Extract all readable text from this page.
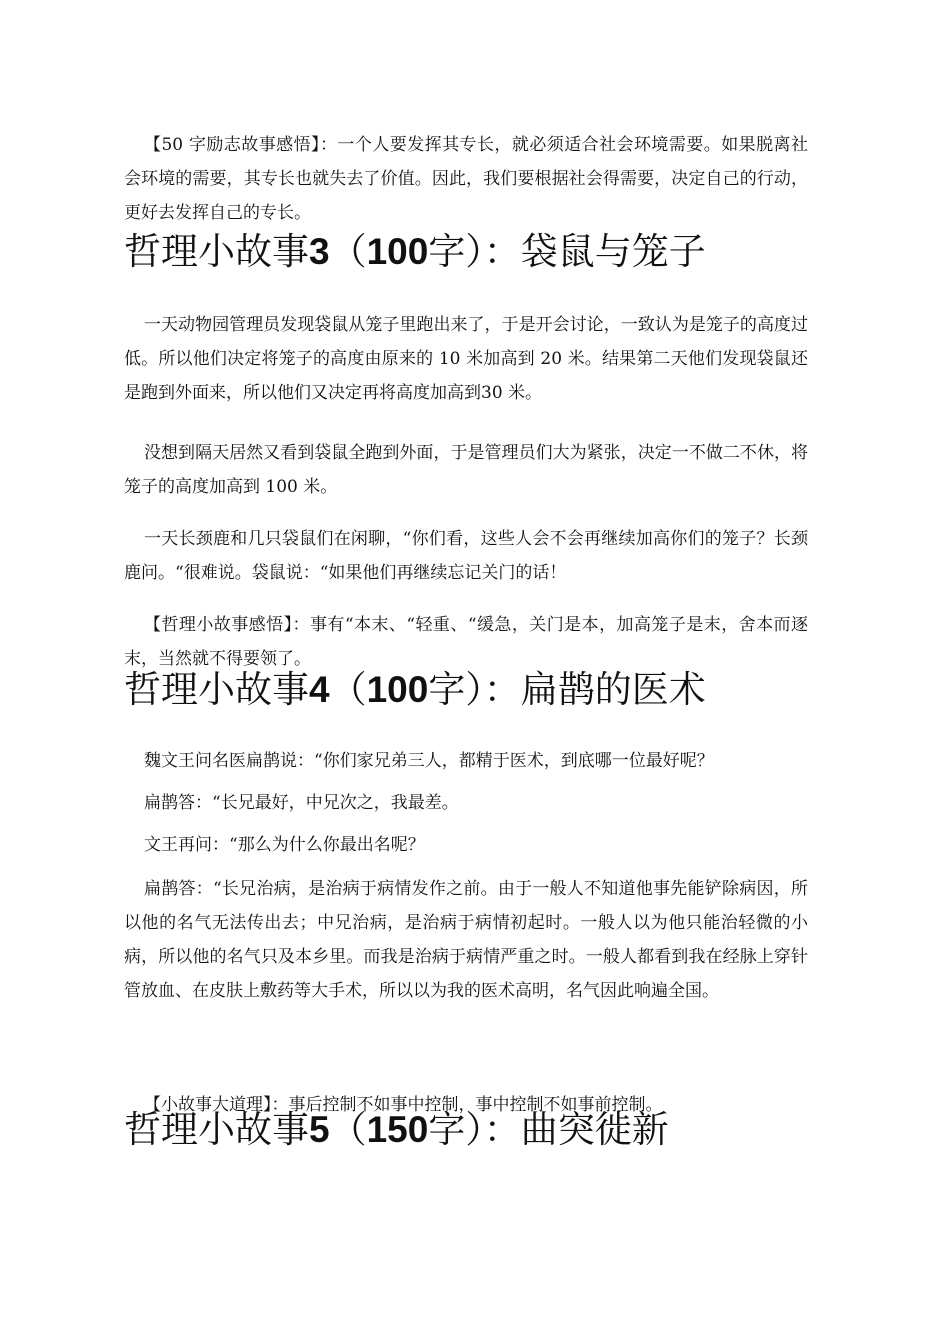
【50 字励志故事感悟】：一个人要发挥其专长，就必须适合社会环境需要。如果脱离社会环境的需要，其专长也就失去了价值。因此，我们要根据社会得需要，决定自己的行动，更好去发挥自己的专长。

哲理小故事3（100字）：袋鼠与笼子

一天动物园管理员发现袋鼠从笼子里跑出来了，于是开会讨论，一致认为是笼子的高度过低。所以他们决定将笼子的高度由原来的 10 米加高到 20 米。结果第二天他们发现袋鼠还是跑到外面来，所以他们又决定再将高度加高到30 米。

没想到隔天居然又看到袋鼠全跑到外面，于是管理员们大为紧张，决定一不做二不休，将笼子的高度加高到 100 米。

一天长颈鹿和几只袋鼠们在闲聊，“你们看，这些人会不会再继续加高你们的笼子？长颈鹿问。“很难说。袋鼠说：“如果他们再继续忘记关门的话！

【哲理小故事感悟】：事有“本末、“轻重、“缓急，关门是本，加高笼子是末，舍本而逐末，当然就不得要领了。

哲理小故事4（100字）：扁鹊的医术

魏文王问名医扁鹊说：“你们家兄弟三人，都精于医术，到底哪一位最好呢？

扁鹊答：“长兄最好，中兄次之，我最差。

文王再问：“那么为什么你最出名呢？

扁鹊答：“长兄治病，是治病于病情发作之前。由于一般人不知道他事先能铲除病因，所以他的名气无法传出去；中兄治病，是治病于病情初起时。一般人以为他只能治轻微的小病，所以他的名气只及本乡里。而我是治病于病情严重之时。一般人都看到我在经脉上穿针管放血、在皮肤上敷药等大手术，所以以为我的医术高明，名气因此响遍全国。

【小故事大道理】：事后控制不如事中控制，事中控制不如事前控制。

哲理小故事5（150字）：曲突徙新
